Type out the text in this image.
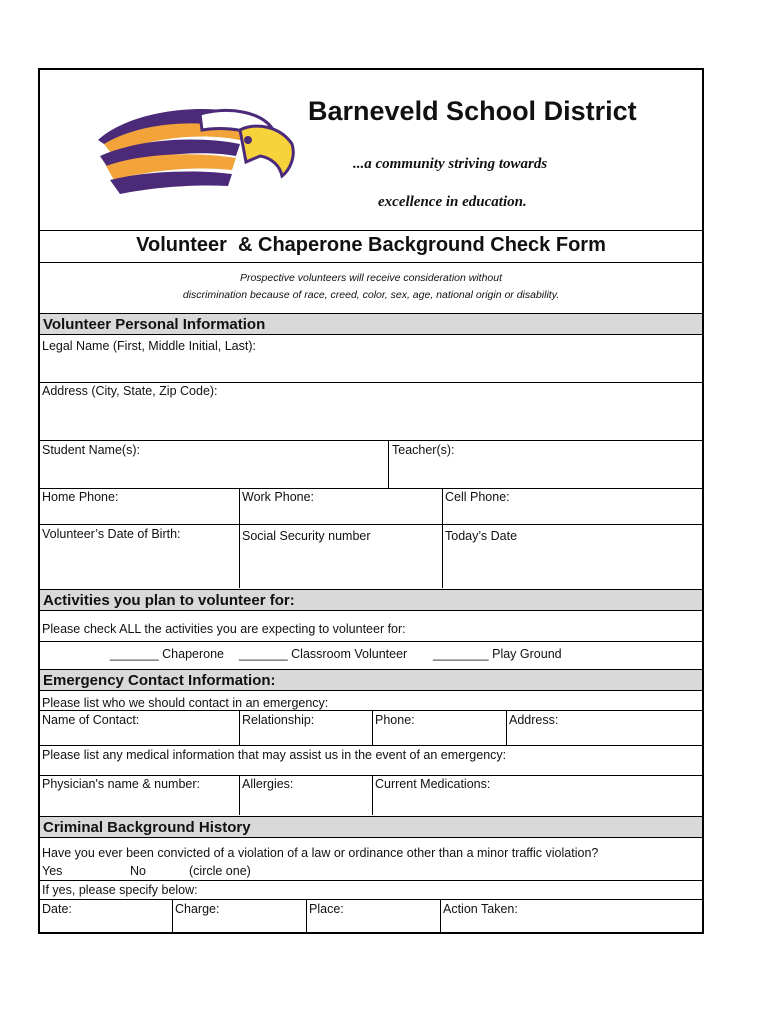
Barneveld School District
...a community striving towards
excellence in education.
Volunteer  & Chaperone Background Check Form
Prospective volunteers will receive consideration without
discrimination because of race, creed, color, sex, age, national origin or disability.
Volunteer Personal Information
Legal Name (First, Middle Initial, Last):
Address (City, State, Zip Code):
Student Name(s):	Teacher(s):
Home Phone:	Work Phone:	Cell Phone:
Volunteer’s Date of Birth:	Social Security number	Today’s Date
Activities you plan to volunteer for:
Please check ALL the activities you are expecting to volunteer for:
_______ Chaperone _______ Classroom Volunteer ________ Play Ground
Emergency Contact Information:
Please list who we should contact in an emergency:
Name of Contact:	Relationship:	Phone:	Address:
Please list any medical information that may assist us in the event of an emergency:
Physician's name & number:	Allergies:	Current Medications:
Criminal Background History
Have you ever been convicted of a violation of a law or ordinance other than a minor traffic violation?
Yes	No	(circle one)
If yes, please specify below:
Date:	Charge:	Place:	Action Taken:
